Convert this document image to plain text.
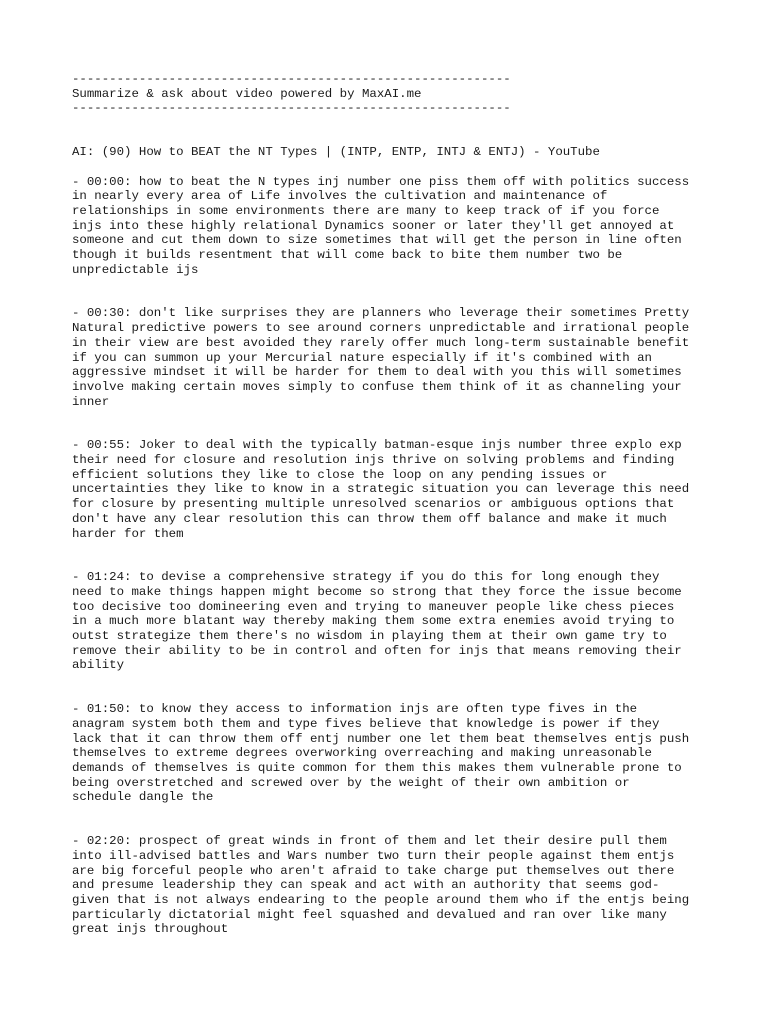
-----------------------------------------------------------
Summarize & ask about video powered by MaxAI.me
-----------------------------------------------------------
AI: (90) How to BEAT the NT Types | (INTP, ENTP, INTJ & ENTJ) - YouTube
- 00:00: how to beat the N types inj number one piss them off with politics success
in nearly every area of Life involves the cultivation and maintenance of
relationships in some environments there are many to keep track of if you force
injs into these highly relational Dynamics sooner or later they'll get annoyed at
someone and cut them down to size sometimes that will get the person in line often
though it builds resentment that will come back to bite them number two be
unpredictable ijs
- 00:30: don't like surprises they are planners who leverage their sometimes Pretty
Natural predictive powers to see around corners unpredictable and irrational people
in their view are best avoided they rarely offer much long-term sustainable benefit
if you can summon up your Mercurial nature especially if it's combined with an
aggressive mindset it will be harder for them to deal with you this will sometimes
involve making certain moves simply to confuse them think of it as channeling your
inner
- 00:55: Joker to deal with the typically batman-esque injs number three explo exp
their need for closure and resolution injs thrive on solving problems and finding
efficient solutions they like to close the loop on any pending issues or
uncertainties they like to know in a strategic situation you can leverage this need
for closure by presenting multiple unresolved scenarios or ambiguous options that
don't have any clear resolution this can throw them off balance and make it much
harder for them
- 01:24: to devise a comprehensive strategy if you do this for long enough they
need to make things happen might become so strong that they force the issue become
too decisive too domineering even and trying to maneuver people like chess pieces
in a much more blatant way thereby making them some extra enemies avoid trying to
outst strategize them there's no wisdom in playing them at their own game try to
remove their ability to be in control and often for injs that means removing their
ability
- 01:50: to know they access to information injs are often type fives in the
anagram system both them and type fives believe that knowledge is power if they
lack that it can throw them off entj number one let them beat themselves entjs push
themselves to extreme degrees overworking overreaching and making unreasonable
demands of themselves is quite common for them this makes them vulnerable prone to
being overstretched and screwed over by the weight of their own ambition or
schedule dangle the
- 02:20: prospect of great winds in front of them and let their desire pull them
into ill-advised battles and Wars number two turn their people against them entjs
are big forceful people who aren't afraid to take charge put themselves out there
and presume leadership they can speak and act with an authority that seems god-
given that is not always endearing to the people around them who if the entjs being
particularly dictatorial might feel squashed and devalued and ran over like many
great injs throughout
